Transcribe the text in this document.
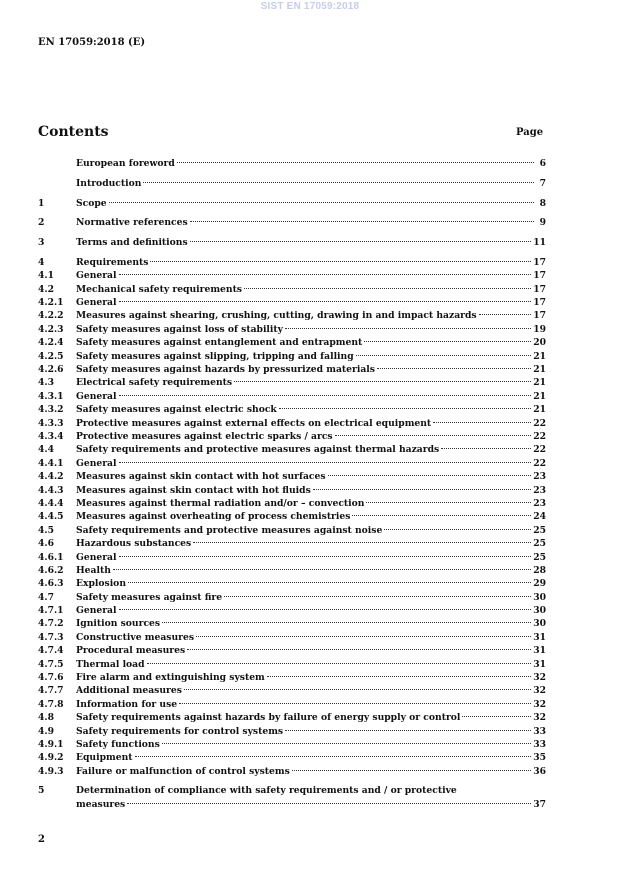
SIST EN 17059:2018
EN 17059:2018 (E)
Contents	Page
European foreword	6
Introduction	7
1	Scope	8
2	Normative references	9
3	Terms and definitions	11
4	Requirements	17
4.1	General	17
4.2	Mechanical safety requirements	17
4.2.1	General	17
4.2.2	Measures against shearing, crushing, cutting, drawing in and impact hazards	17
4.2.3	Safety measures against loss of stability	19
4.2.4	Safety measures against entanglement and entrapment	20
4.2.5	Safety measures against slipping, tripping and falling	21
4.2.6	Safety measures against hazards by pressurized materials	21
4.3	Electrical safety requirements	21
4.3.1	General	21
4.3.2	Safety measures against electric shock	21
4.3.3	Protective measures against external effects on electrical equipment	22
4.3.4	Protective measures against electric sparks / arcs	22
4.4	Safety requirements and protective measures against thermal hazards	22
4.4.1	General	22
4.4.2	Measures against skin contact with hot surfaces	23
4.4.3	Measures against skin contact with hot fluids	23
4.4.4	Measures against thermal radiation and/or – convection	23
4.4.5	Measures against overheating of process chemistries	24
4.5	Safety requirements and protective measures against noise	25
4.6	Hazardous substances	25
4.6.1	General	25
4.6.2	Health	28
4.6.3	Explosion	29
4.7	Safety measures against fire	30
4.7.1	General	30
4.7.2	Ignition sources	30
4.7.3	Constructive measures	31
4.7.4	Procedural measures	31
4.7.5	Thermal load	31
4.7.6	Fire alarm and extinguishing system	32
4.7.7	Additional measures	32
4.7.8	Information for use	32
4.8	Safety requirements against hazards by failure of energy supply or control	32
4.9	Safety requirements for control systems	33
4.9.1	Safety functions	33
4.9.2	Equipment	35
4.9.3	Failure or malfunction of control systems	36
5	Determination of compliance with safety requirements and / or protective
measures	37
2
